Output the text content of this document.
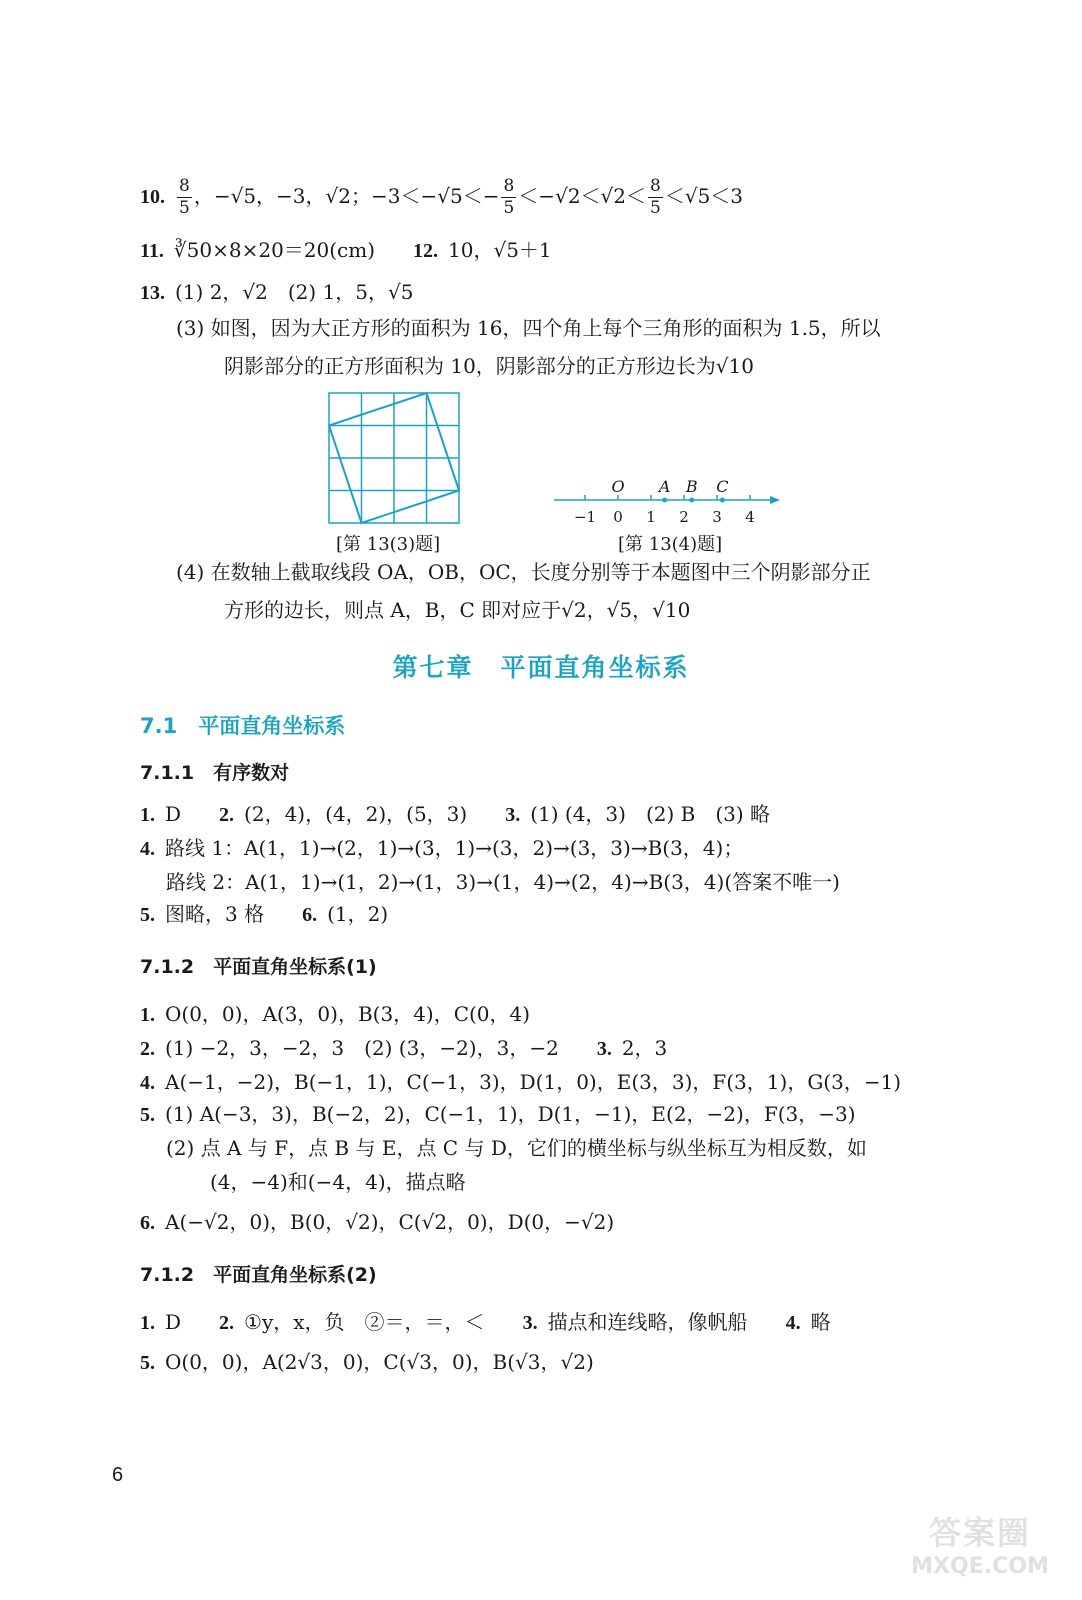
10. $\frac{8}{5}$ ，−√5，−3，√2；$-3<-√5<- \frac{8}{5} <-√2<√2< \frac{8}{5} <√5<3$
11. ∛50×8×20＝20(cm) 12. 10，√5＋1
13. (1) 2，√2　(2) 1，5，√5
(3) 如图，因为大正方形的面积为 16，四个角上每个三角形的面积为 1.5，所以
阴影部分的正方形面积为 10，阴影部分的正方形边长为√10
[第 13(3)题]
O A B C
−1 0 1 2 3 4
[第 13(4)题]
(4) 在数轴上截取线段 OA，OB，OC，长度分别等于本题图中三个阴影部分正
方形的边长，则点 A，B，C 即对应于√2，√5，√10
第七章　平面直角坐标系
7.1　平面直角坐标系
7.1.1　有序数对
1. D 2. (2，4)，(4，2)，(5，3) 3. (1) (4，3)　(2) B　(3) 略
4. 路线 1：A(1，1)→(2，1)→(3，1)→(3，2)→(3，3)→B(3，4)；
路线 2：A(1，1)→(1，2)→(1，3)→(1，4)→(2，4)→B(3，4)(答案不唯一)
5. 图略，3 格 6. (1，2)
7.1.2　平面直角坐标系(1)
1. O(0，0)，A(3，0)，B(3，4)，C(0，4)
2. (1) −2，3，−2，3　(2) (3，−2)，3，−2 3. 2，3
4. A(−1，−2)，B(−1，1)，C(−1，3)，D(1，0)，E(3，3)，F(3，1)，G(3，−1)
5. (1) A(−3，3)，B(−2，2)，C(−1，1)，D(1，−1)，E(2，−2)，F(3，−3)
(2) 点 A 与 F，点 B 与 E，点 C 与 D，它们的横坐标与纵坐标互为相反数，如
(4，−4)和(−4，4)，描点略
6. A(−√2，0)，B(0，√2)，C(√2，0)，D(0，−√2)
7.1.2　平面直角坐标系(2)
1. D 2. ①y，x，负　②＝，＝，＜ 3. 描点和连线略，像帆船 4. 略
5. O(0，0)，A(2√3，0)，C(√3，0)，B(√3，√2)
6
答案圈
MXQE.COM
